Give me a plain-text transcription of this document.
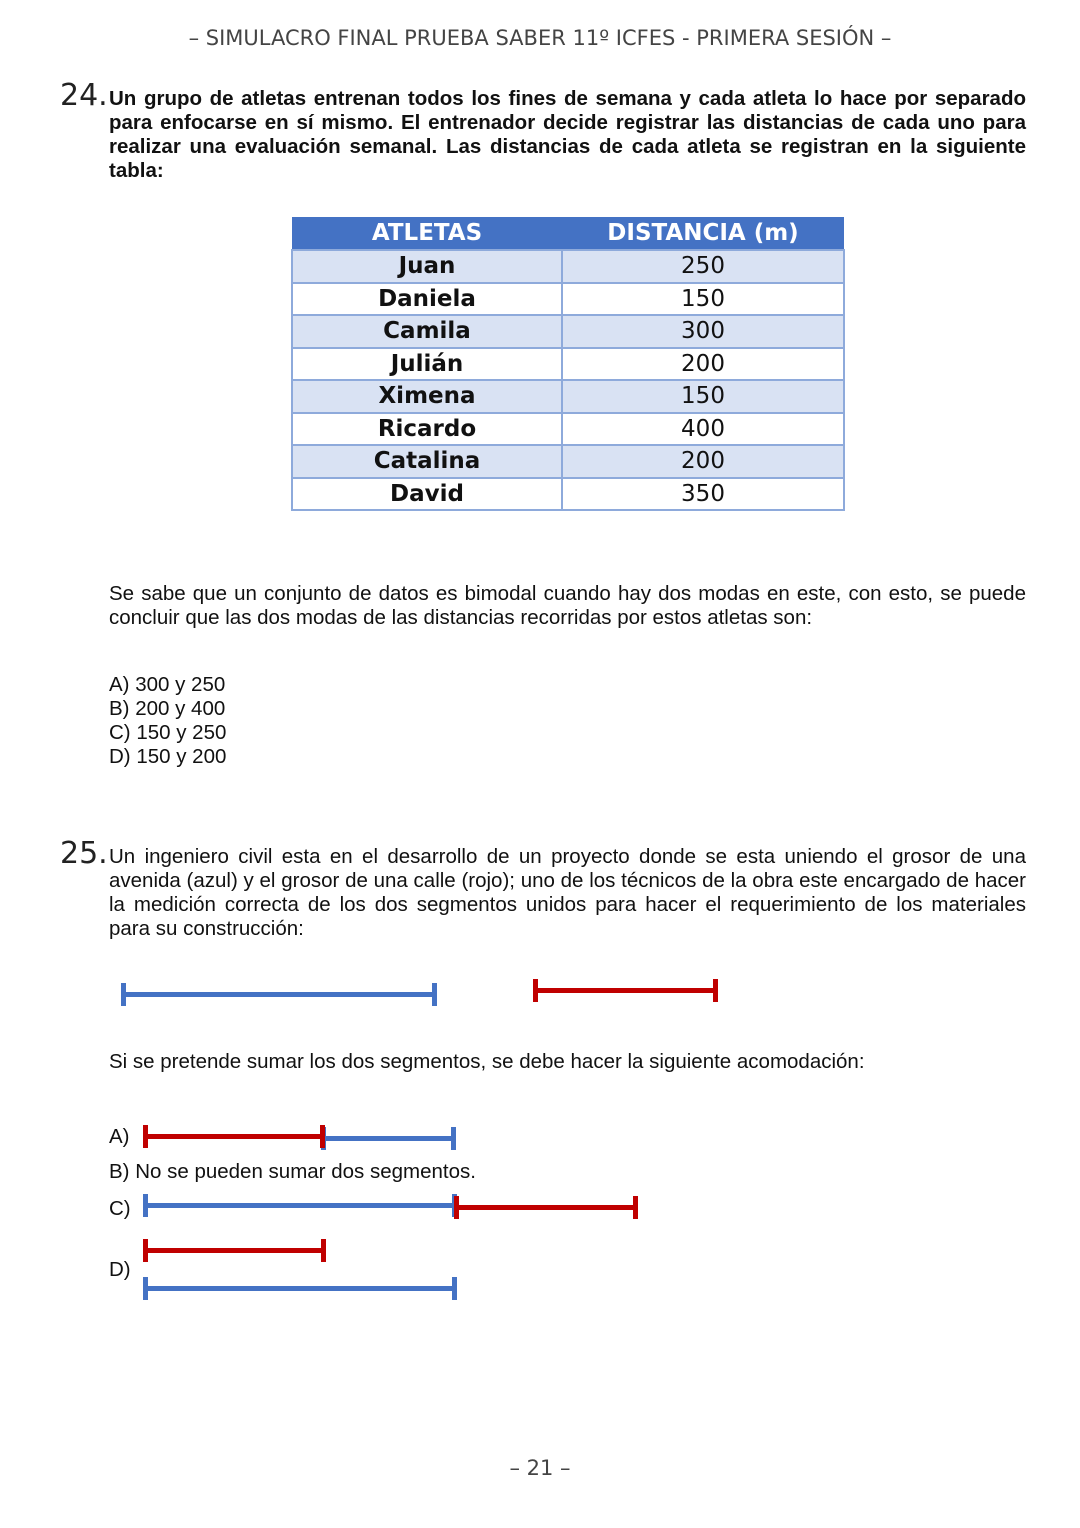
– SIMULACRO FINAL PRUEBA SABER 11º ICFES - PRIMERA SESIÓN –
24. Un grupo de atletas entrenan todos los fines de semana y cada atleta lo hace por separado para enfocarse en sí mismo. El entrenador decide registrar las distancias de cada uno para realizar una evaluación semanal. Las distancias de cada atleta se registran en la siguiente tabla:
ATLETAS	DISTANCIA (m)
Juan	250
Daniela	150
Camila	300
Julián	200
Ximena	150
Ricardo	400
Catalina	200
David	350
Se sabe que un conjunto de datos es bimodal cuando hay dos modas en este, con esto, se puede concluir que las dos modas de las distancias recorridas por estos atletas son:
A) 300 y 250
B) 200 y 400
C) 150 y 250
D) 150 y 200
25. Un ingeniero civil esta en el desarrollo de un proyecto donde se esta uniendo el grosor de una avenida (azul) y el grosor de una calle (rojo); uno de los técnicos de la obra este encargado de hacer la medición correcta de los dos segmentos unidos para hacer el requerimiento de los materiales para su construcción:
Si se pretende sumar los dos segmentos, se debe hacer la siguiente acomodación:
A)
B) No se pueden sumar dos segmentos.
C)
D)
– 21 –
